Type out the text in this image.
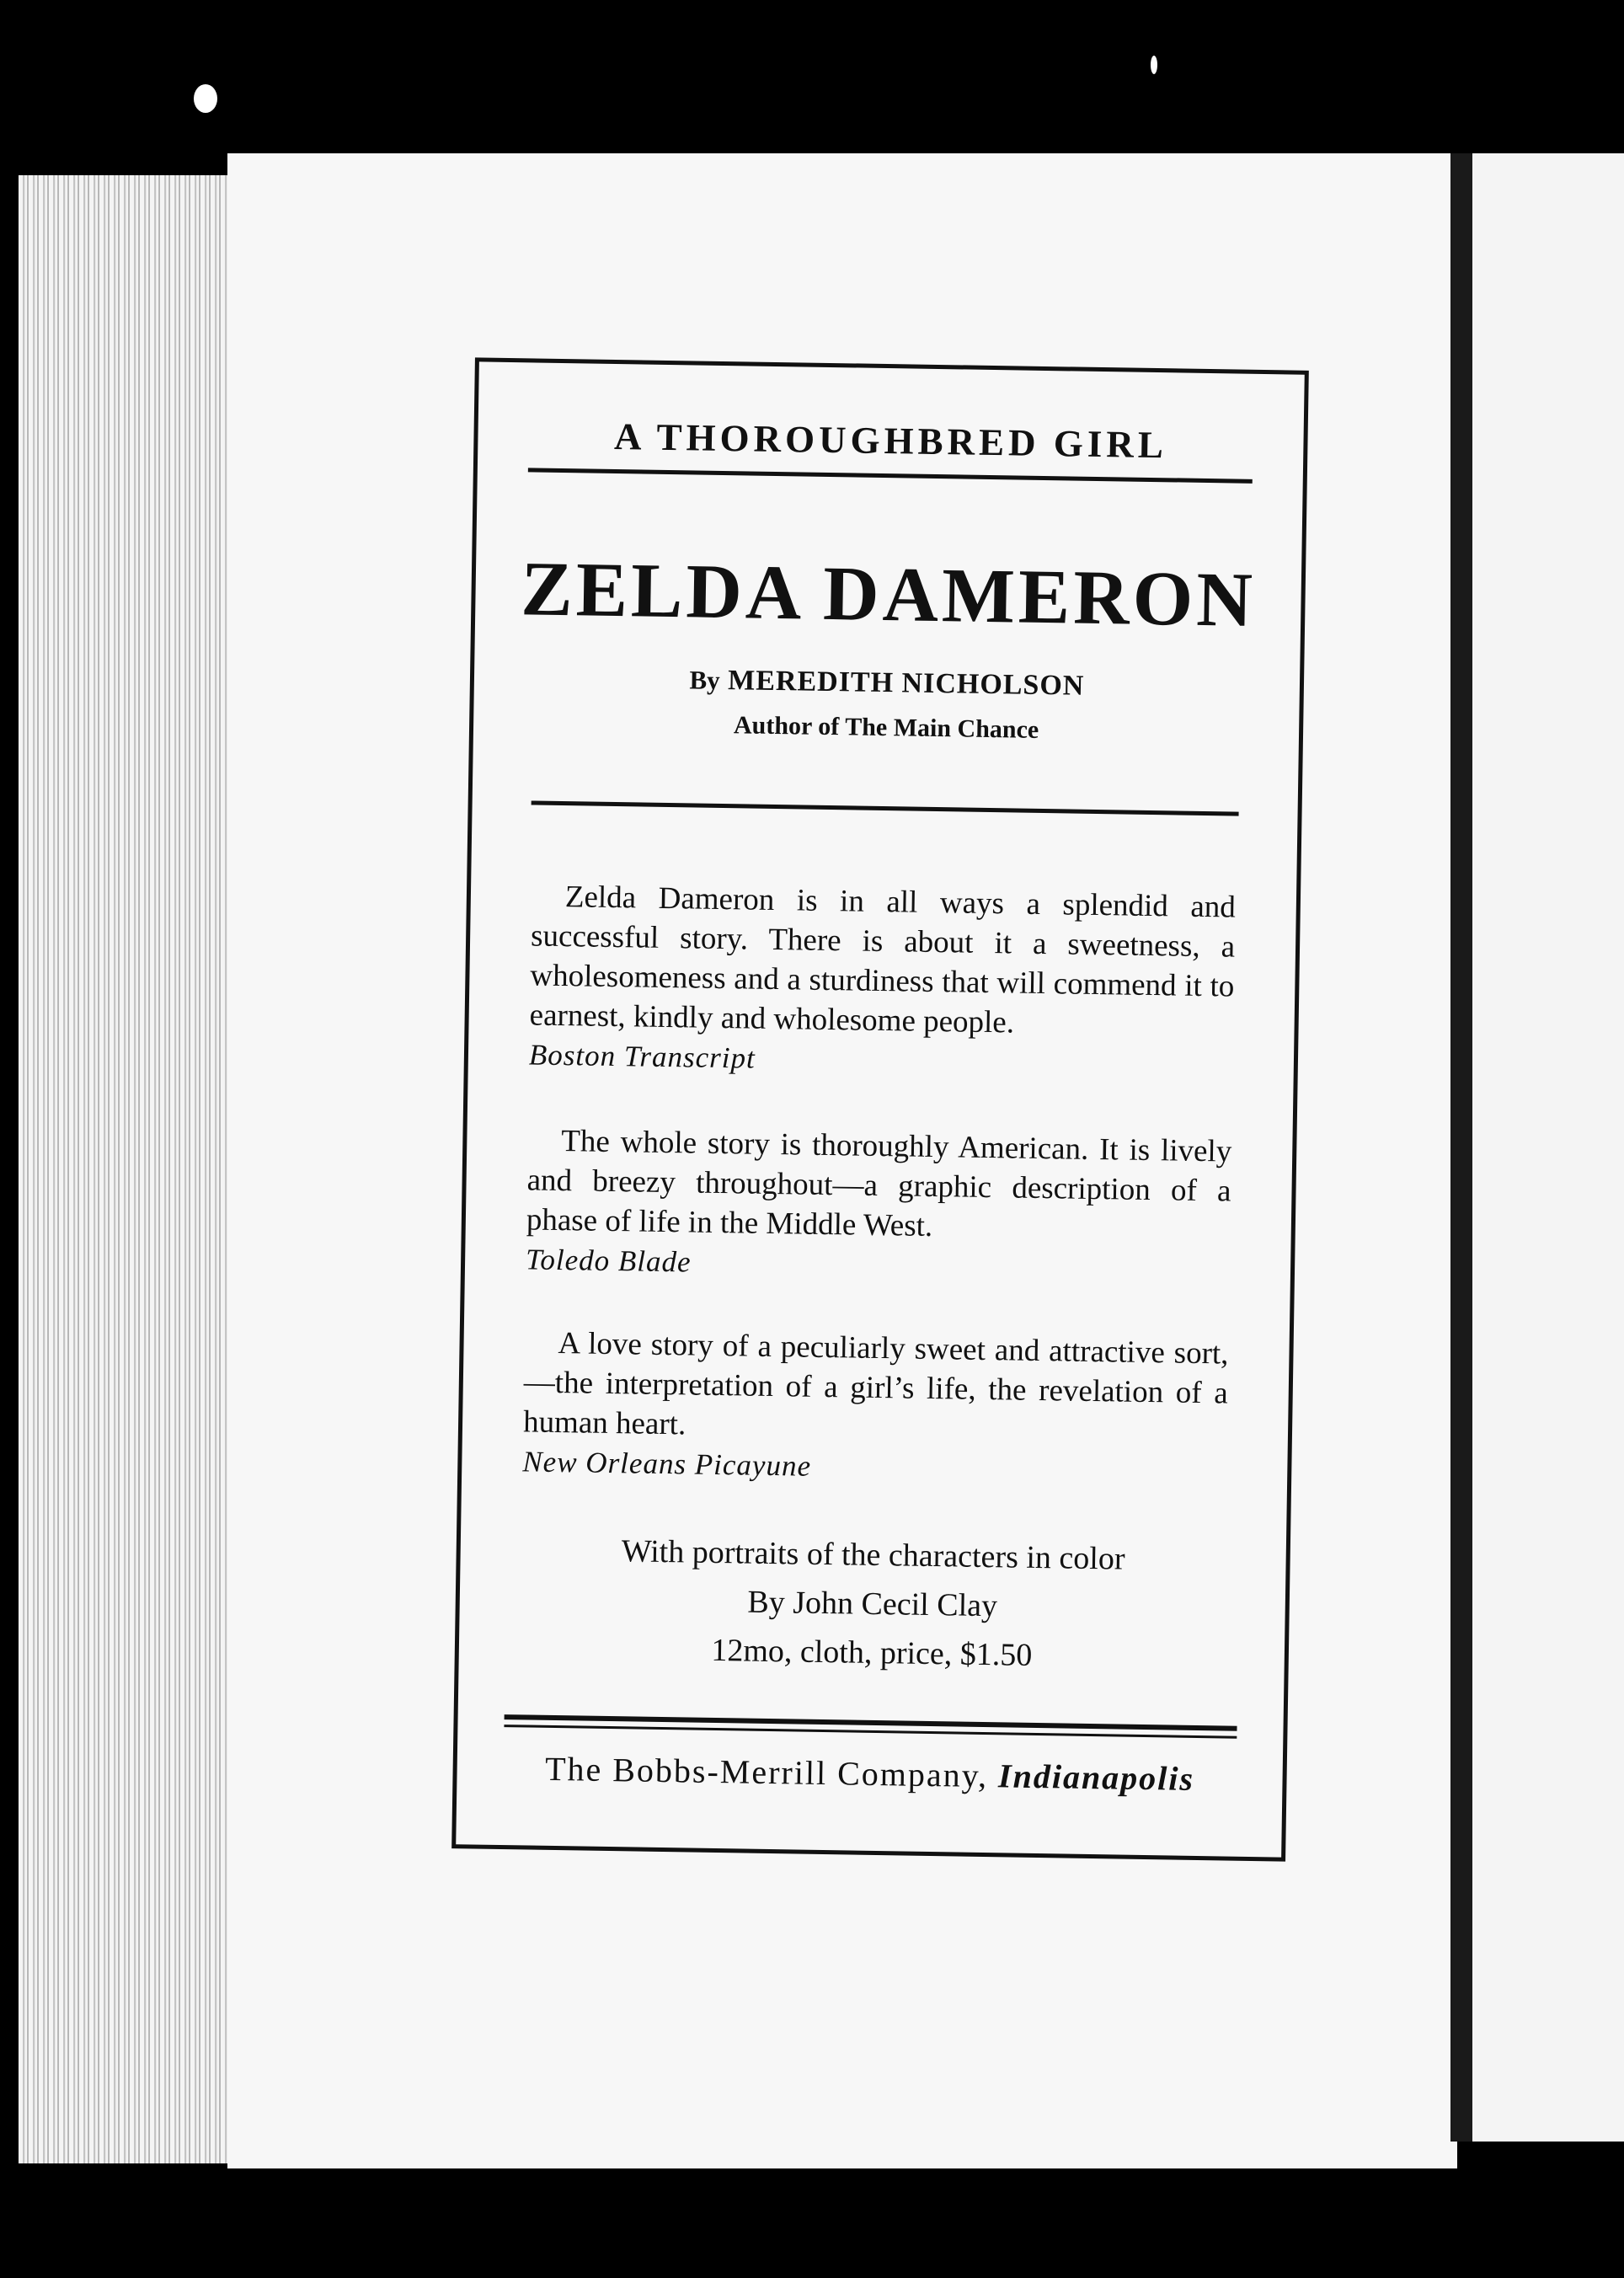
A THOROUGHBRED GIRL
ZELDA DAMERON
By MEREDITH NICHOLSON
Author of The Main Chance

Zelda Dameron is in all ways a splendid and successful story. There is about it a sweetness, a wholesomeness and a sturdiness that will commend it to earnest, kindly and wholesome people.

Boston Transcript

The whole story is thoroughly American. It is lively and breezy throughout—a graphic description of a phase of life in the Middle West.

Toledo Blade

A love story of a peculiarly sweet and attractive sort,—the interpretation of a girl’s life, the revelation of a human heart.

New Orleans Picayune
With portraits of the characters in color
By John Cecil Clay
12mo, cloth, price, $1.50
The Bobbs-Merrill Company, Indianapolis
